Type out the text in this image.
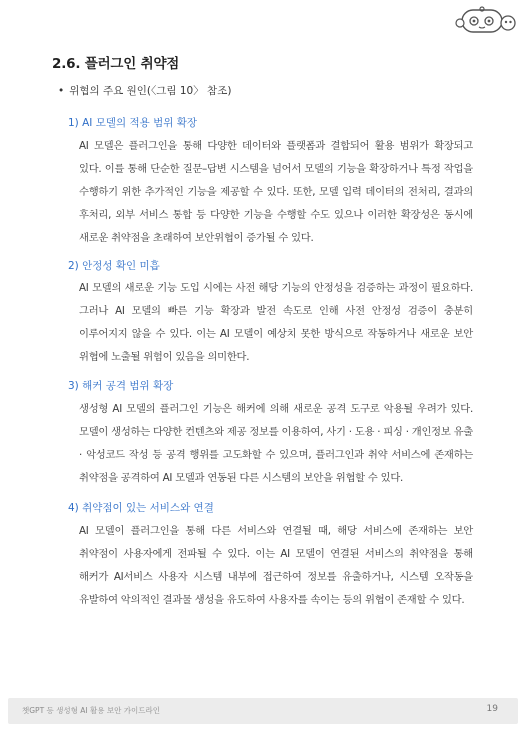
2.6. 플러그인 취약점

• 위협의 주요 원인(〈그림 10〉 참조)

1) AI 모델의 적용 범위 확장

AI 모델은 플러그인을 통해 다양한 데이터와 플랫폼과 결합되어 활용 범위가 확장되고 있다. 이를 통해 단순한 질문–답변 시스템을 넘어서 모델의 기능을 확장하거나 특정 작업을 수행하기 위한 추가적인 기능을 제공할 수 있다. 또한, 모델 입력 데이터의 전처리, 결과의 후처리, 외부 서비스 통합 등 다양한 기능을 수행할 수도 있으나 이러한 확장성은 동시에 새로운 취약점을 초래하여 보안위협이 증가될 수 있다.

2) 안정성 확인 미흡

AI 모델의 새로운 기능 도입 시에는 사전 해당 기능의 안정성을 검증하는 과정이 필요하다. 그러나 AI 모델의 빠른 기능 확장과 발전 속도로 인해 사전 안정성 검증이 충분히 이루어지지 않을 수 있다. 이는 AI 모델이 예상치 못한 방식으로 작동하거나 새로운 보안 위협에 노출될 위험이 있음을 의미한다.

3) 해커 공격 범위 확장

생성형 AI 모델의 플러그인 기능은 해커에 의해 새로운 공격 도구로 악용될 우려가 있다. 모델이 생성하는 다양한 컨텐츠와 제공 정보를 이용하여, 사기 · 도용 · 피싱 · 개인정보 유출 · 악성코드 작성 등 공격 행위를 고도화할 수 있으며, 플러그인과 취약 서비스에 존재하는 취약점을 공격하여 AI 모델과 연동된 다른 시스템의 보안을 위협할 수 있다.

4) 취약점이 있는 서비스와 연결

AI 모델이 플러그인을 통해 다른 서비스와 연결될 때, 해당 서비스에 존재하는 보안 취약점이 사용자에게 전파될 수 있다. 이는 AI 모델이 연결된 서비스의 취약점을 통해 해커가 AI서비스 사용자 시스템 내부에 접근하여 정보를 유출하거나, 시스템 오작동을 유발하여 악의적인 결과물 생성을 유도하여 사용자를 속이는 등의 위협이 존재할 수 있다.

챗GPT 등 생성형 AI 활용 보안 가이드라인	19
